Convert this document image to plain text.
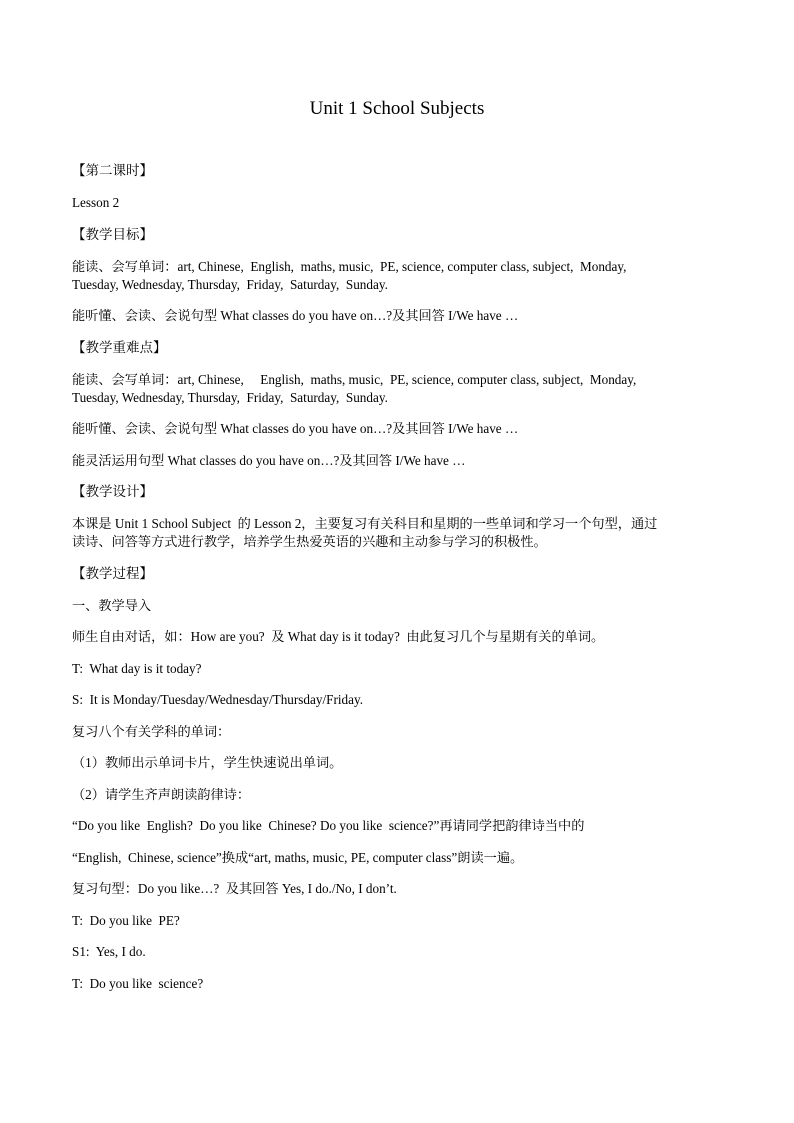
Unit 1 School Subjects
【第二课时】
Lesson 2
【教学目标】
能读、会写单词：art, Chinese,  English,  maths, music,  PE, science, computer class, subject,  Monday,
Tuesday, Wednesday, Thursday,  Friday,  Saturday,  Sunday.
能听懂、会读、会说句型 What classes do you have on…?及其回答 I/We have …
【教学重难点】
能读、会写单词：art, Chinese,     English,  maths, music,  PE, science, computer class, subject,  Monday,
Tuesday, Wednesday, Thursday,  Friday,  Saturday,  Sunday.
能听懂、会读、会说句型 What classes do you have on…?及其回答 I/We have …
能灵活运用句型 What classes do you have on…?及其回答 I/We have …
【教学设计】
本课是 Unit 1 School Subject  的 Lesson 2，主要复习有关科目和星期的一些单词和学习一个句型，通过
读诗、问答等方式进行教学，培养学生热爱英语的兴趣和主动参与学习的积极性。
【教学过程】
一、教学导入
师生自由对话，如：How are you?  及 What day is it today?  由此复习几个与星期有关的单词。
T:  What day is it today?
S:  It is Monday/Tuesday/Wednesday/Thursday/Friday.
复习八个有关学科的单词：
（1）教师出示单词卡片，学生快速说出单词。
（2）请学生齐声朗读韵律诗：
“Do you like  English?  Do you like  Chinese? Do you like  science?”再请同学把韵律诗当中的
“English,  Chinese, science”换成“art, maths, music, PE, computer class”朗读一遍。
复习句型：Do you like…?  及其回答 Yes, I do./No, I don’t.
T:  Do you like  PE?
S1:  Yes, I do.
T:  Do you like  science?
